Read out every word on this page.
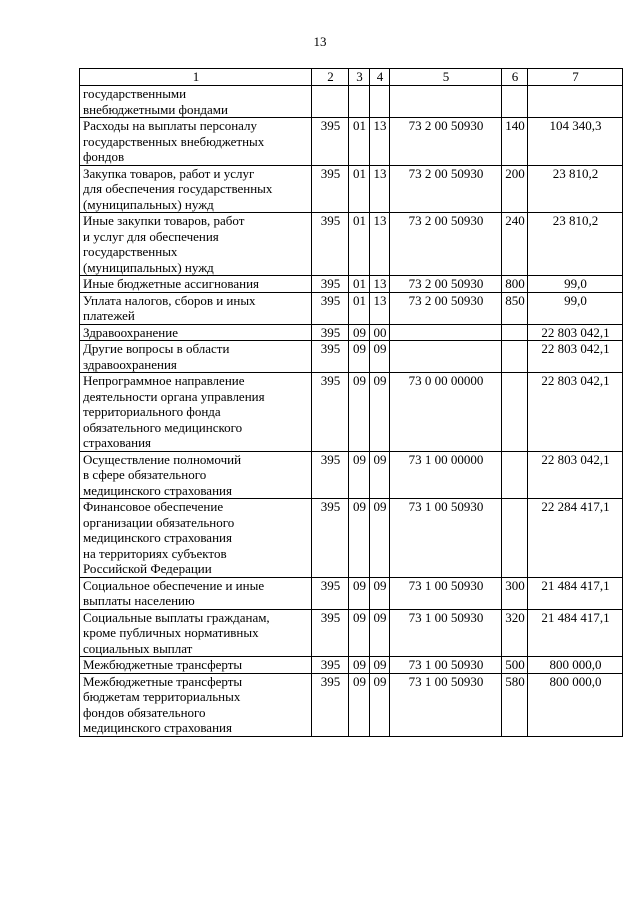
13
1	2	3	4	5	6	7
государственными
внебюджетными фондами						
Расходы на выплаты персоналу
государственных внебюджетных
фондов	395	01	13	73 2 00 50930	140	104 340,3
Закупка товаров, работ и услуг
для обеспечения государственных
(муниципальных) нужд	395	01	13	73 2 00 50930	200	23 810,2
Иные закупки товаров, работ
и услуг для обеспечения
государственных
(муниципальных) нужд	395	01	13	73 2 00 50930	240	23 810,2
Иные бюджетные ассигнования	395	01	13	73 2 00 50930	800	99,0
Уплата налогов, сборов и иных
платежей	395	01	13	73 2 00 50930	850	99,0
Здравоохранение	395	09	00			22 803 042,1
Другие вопросы в области
здравоохранения	395	09	09			22 803 042,1
Непрограммное направление
деятельности органа управления
территориального фонда
обязательного медицинского
страхования	395	09	09	73 0 00 00000		22 803 042,1
Осуществление полномочий
в сфере обязательного
медицинского страхования	395	09	09	73 1 00 00000		22 803 042,1
Финансовое обеспечение
организации обязательного
медицинского страхования
на территориях субъектов
Российской Федерации	395	09	09	73 1 00 50930		22 284 417,1
Социальное обеспечение и иные
выплаты населению	395	09	09	73 1 00 50930	300	21 484 417,1
Социальные выплаты гражданам,
кроме публичных нормативных
социальных выплат	395	09	09	73 1 00 50930	320	21 484 417,1
Межбюджетные трансферты	395	09	09	73 1 00 50930	500	800 000,0
Межбюджетные трансферты
бюджетам территориальных
фондов обязательного
медицинского страхования	395	09	09	73 1 00 50930	580	800 000,0
